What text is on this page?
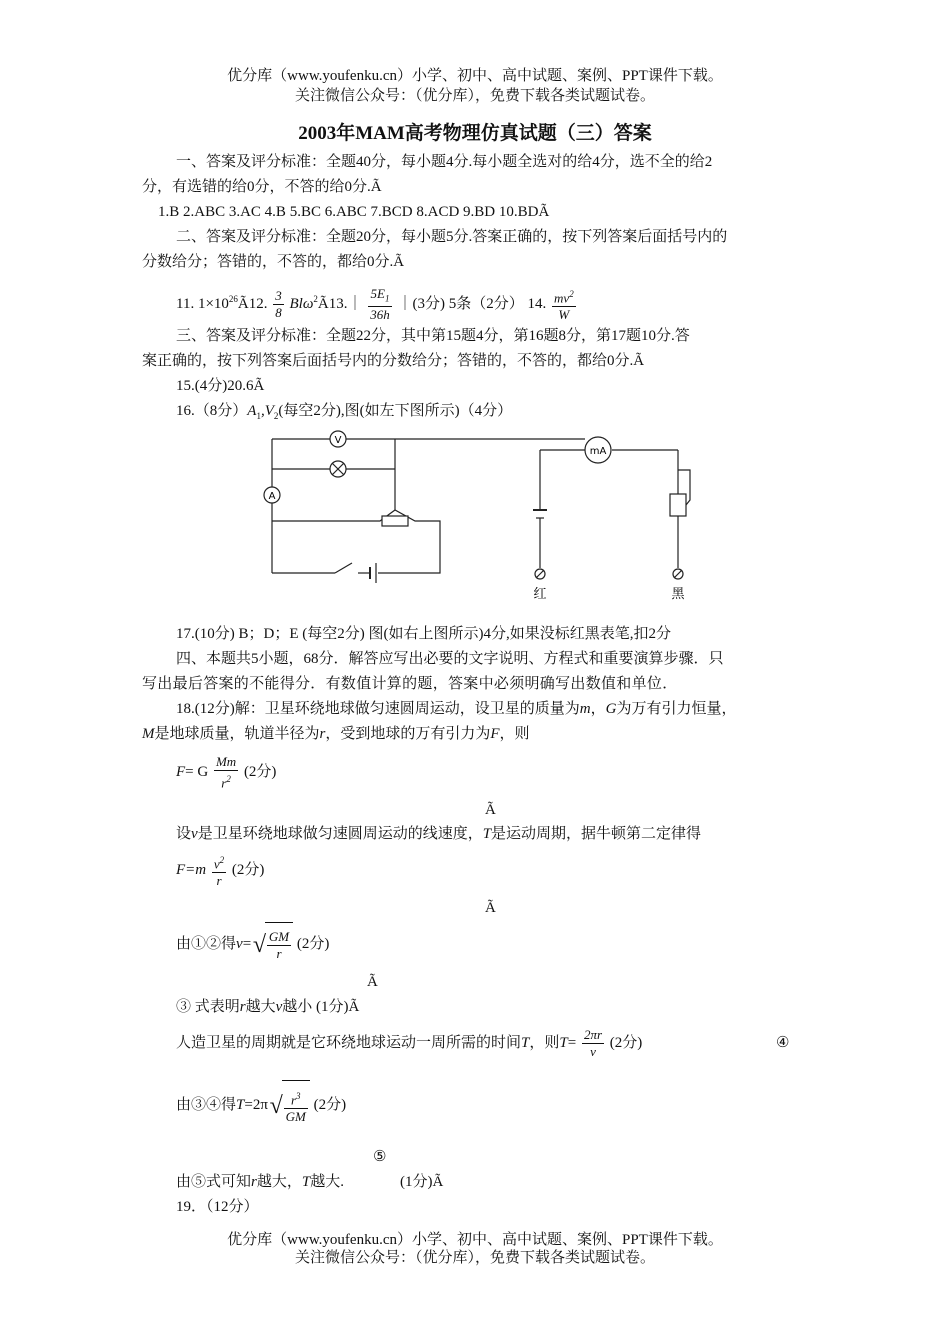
优分库（www.youfenku.cn）小学、初中、高中试题、案例、PPT课件下载。
关注微信公众号：（优分库），免费下载各类试题试卷。
2003年MAM高考物理仿真试题（三）答案
一、答案及评分标准：全题40分，每小题4分.每小题全选对的给4分，选不全的给2
分，有选错的给0分，不答的给0分.Ã
1.B 2.ABC 3.AC 4.B 5.BC 6.ABC 7.BCD 8.ACD 9.BD 10.BDÃ
二、答案及评分标准：全题20分，每小题5分.答案正确的，按下列答案后面括号内的
分数给分；答错的，不答的，都给0分.Ã
11. $1\times 10^{26}Ã12$. $\frac{3}{8}$ Blω$^2$Ã13.｜ $\frac{5E_1}{36h}$ ｜(3分) 5条（2分） 14. $\frac{mv^2}{W}$
三、答案及评分标准：全题22分，其中第15题4分，第16题8分，第17题10分.答
案正确的，按下列答案后面括号内的分数给分；答错的，不答的，都给0分.Ã
15.(4分)20.6Ã
16.（8分）$A_1,V_2$(每空2分),图(如左下图所示)（4分）
V
A
mA
红	黑
17.(10分) B；D；E (每空2分) 图(如右上图所示)4分,如果没标红黑表笔,扣2分
四、本题共5小题，68分．解答应写出必要的文字说明、方程式和重要演算步骤．只
写出最后答案的不能得分．有数值计算的题，答案中必须明确写出数值和单位．
18.(12分)解：卫星环绕地球做匀速圆周运动，设卫星的质量为m，G为万有引力恒量，
M是地球质量，轨道半径为r，受到地球的万有引力为F，则
F= G $\frac{Mm}{r^2} (2$分)
Ã
设v是卫星环绕地球做匀速圆周运动的线速度，T是运动周期，据牛顿第二定律得
$F=m \frac{v^2}{r} (2$分)
Ã
由①②得v= √ $\frac{GM}{r} (2$分)
Ã
③ 式表明r越大v越小 (1分)Ã
人造卫星的周期就是它环绕地球运动一周所需的时间T，则$T= \frac{2\pi r}{v} (2$分)	④
由③④得T=2π √ $\frac{r^3}{GM} (2$分)
⑤
由⑤式可知r越大，T越大.	(1分)Ã
19．（12分）
优分库（www.youfenku.cn）小学、初中、高中试题、案例、PPT课件下载。
关注微信公众号：（优分库），免费下载各类试题试卷。
